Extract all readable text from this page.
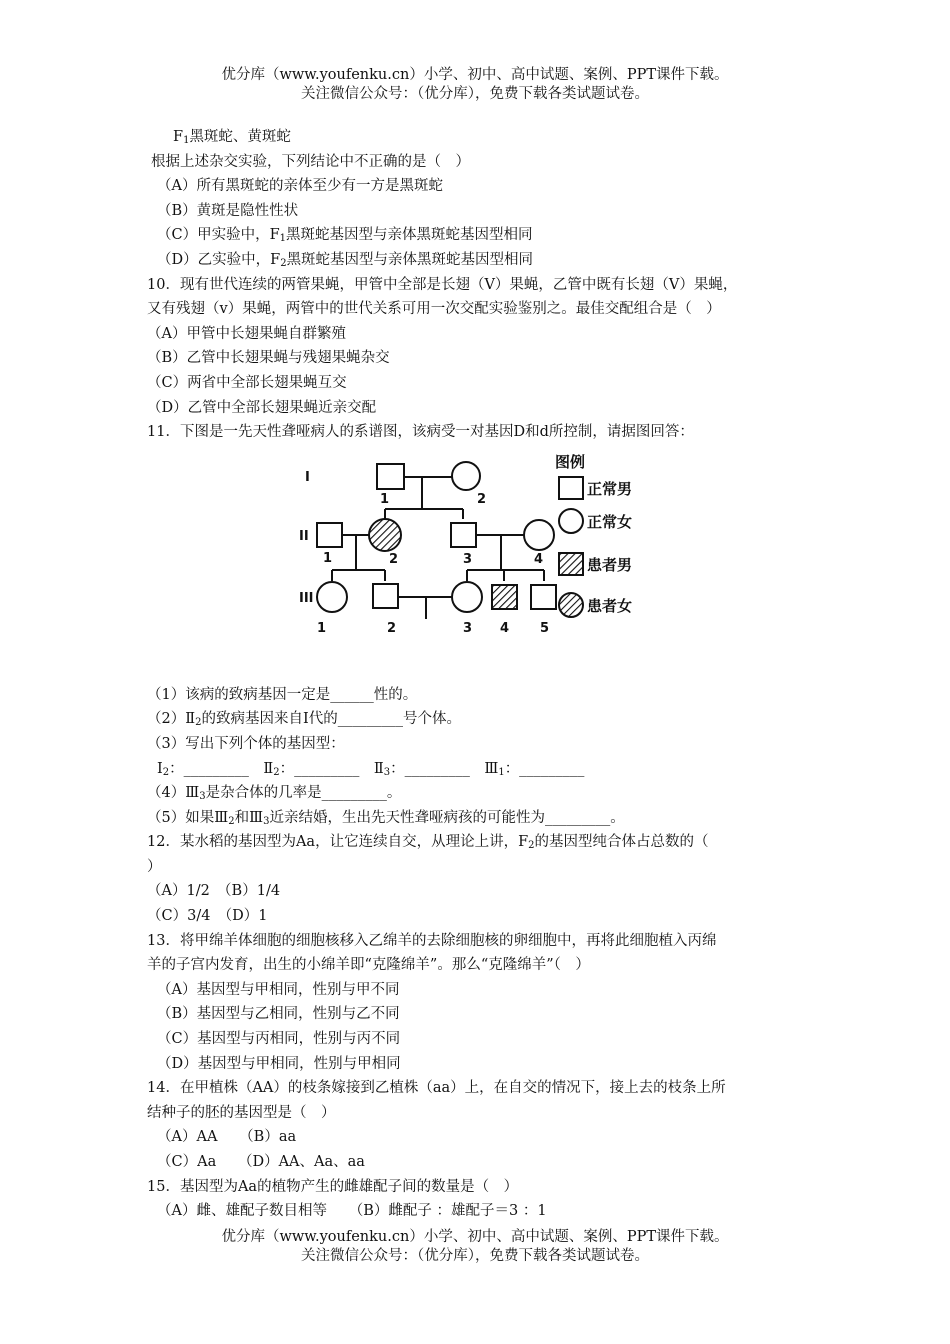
优分库（www.youfenku.cn）小学、初中、高中试题、案例、PPT课件下载。
关注微信公众号：（优分库），免费下载各类试题试卷。
$F_1$黑斑蛇、黄斑蛇
根据上述杂交实验，下列结论中不正确的是（　）
（A）所有黑斑蛇的亲体至少有一方是黑斑蛇
（B）黄斑是隐性性状
（C）甲实验中，$F_1$黑斑蛇基因型与亲体黑斑蛇基因型相同
（D）乙实验中，$F_2$黑斑蛇基因型与亲体黑斑蛇基因型相同
10．现有世代连续的两管果蝇，甲管中全部是长翅（V）果蝇，乙管中既有长翅（V）果蝇，
又有残翅（v）果蝇，两管中的世代关系可用一次交配实验鉴别之。最佳交配组合是（　）
（A）甲管中长翅果蝇自群繁殖
（B）乙管中长翅果蝇与残翅果蝇杂交
（C）两省中全部长翅果蝇互交
（D）乙管中全部长翅果蝇近亲交配
11．下图是一先天性聋哑病人的系谱图，该病受一对基因D和d所控制，请据图回答：
I
II
III
1	2
1	2	3	4
1	2	3 4 5
图例
正常男
正常女
患者男
患者女
（1）该病的致病基因一定是______性的。
$(2)Ⅱ_2$的致病基因来自Ⅰ代的_________号个体。
（3）写出下列个体的基因型：
$I_2$：_________　 $Ⅱ_2$：_________　 $Ⅱ_3$：_________　 $Ⅲ_1$：_________
$(4)Ⅲ_3$是杂合体的几率是_________。
（5）如果$Ⅲ_2$和$Ⅲ_3$近亲结婚，生出先天性聋哑病孩的可能性为_________。
12．某水稻的基因型为Aa，让它连续自交，从理论上讲，$F_2$的基因型纯合体占总数的（
）
（A）1/2　（B）1/4
（C）3/4　（D）1
13．将甲绵羊体细胞的细胞核移入乙绵羊的去除细胞核的卵细胞中，再将此细胞植入丙绵
羊的子宫内发育，出生的小绵羊即“克隆绵羊”。那么“克隆绵羊”（　）
（A）基因型与甲相同，性别与甲不同
（B）基因型与乙相同，性别与乙不同
（C）基因型与丙相同，性别与丙不同
（D）基因型与甲相同，性别与甲相同
14．在甲植株（AA）的枝条嫁接到乙植株（aa）上，在自交的情况下，接上去的枝条上所
结种子的胚的基因型是（　）
（A）AA　　（B）aa
（C）Aa　　（D）AA、Aa、aa
15．基因型为Aa的植物产生的雌雄配子间的数量是（　）
（A）雌、雄配子数目相等　　（B）雌配子 ：雄配子＝3 ：1
优分库（www.youfenku.cn）小学、初中、高中试题、案例、PPT课件下载。
关注微信公众号：（优分库），免费下载各类试题试卷。
